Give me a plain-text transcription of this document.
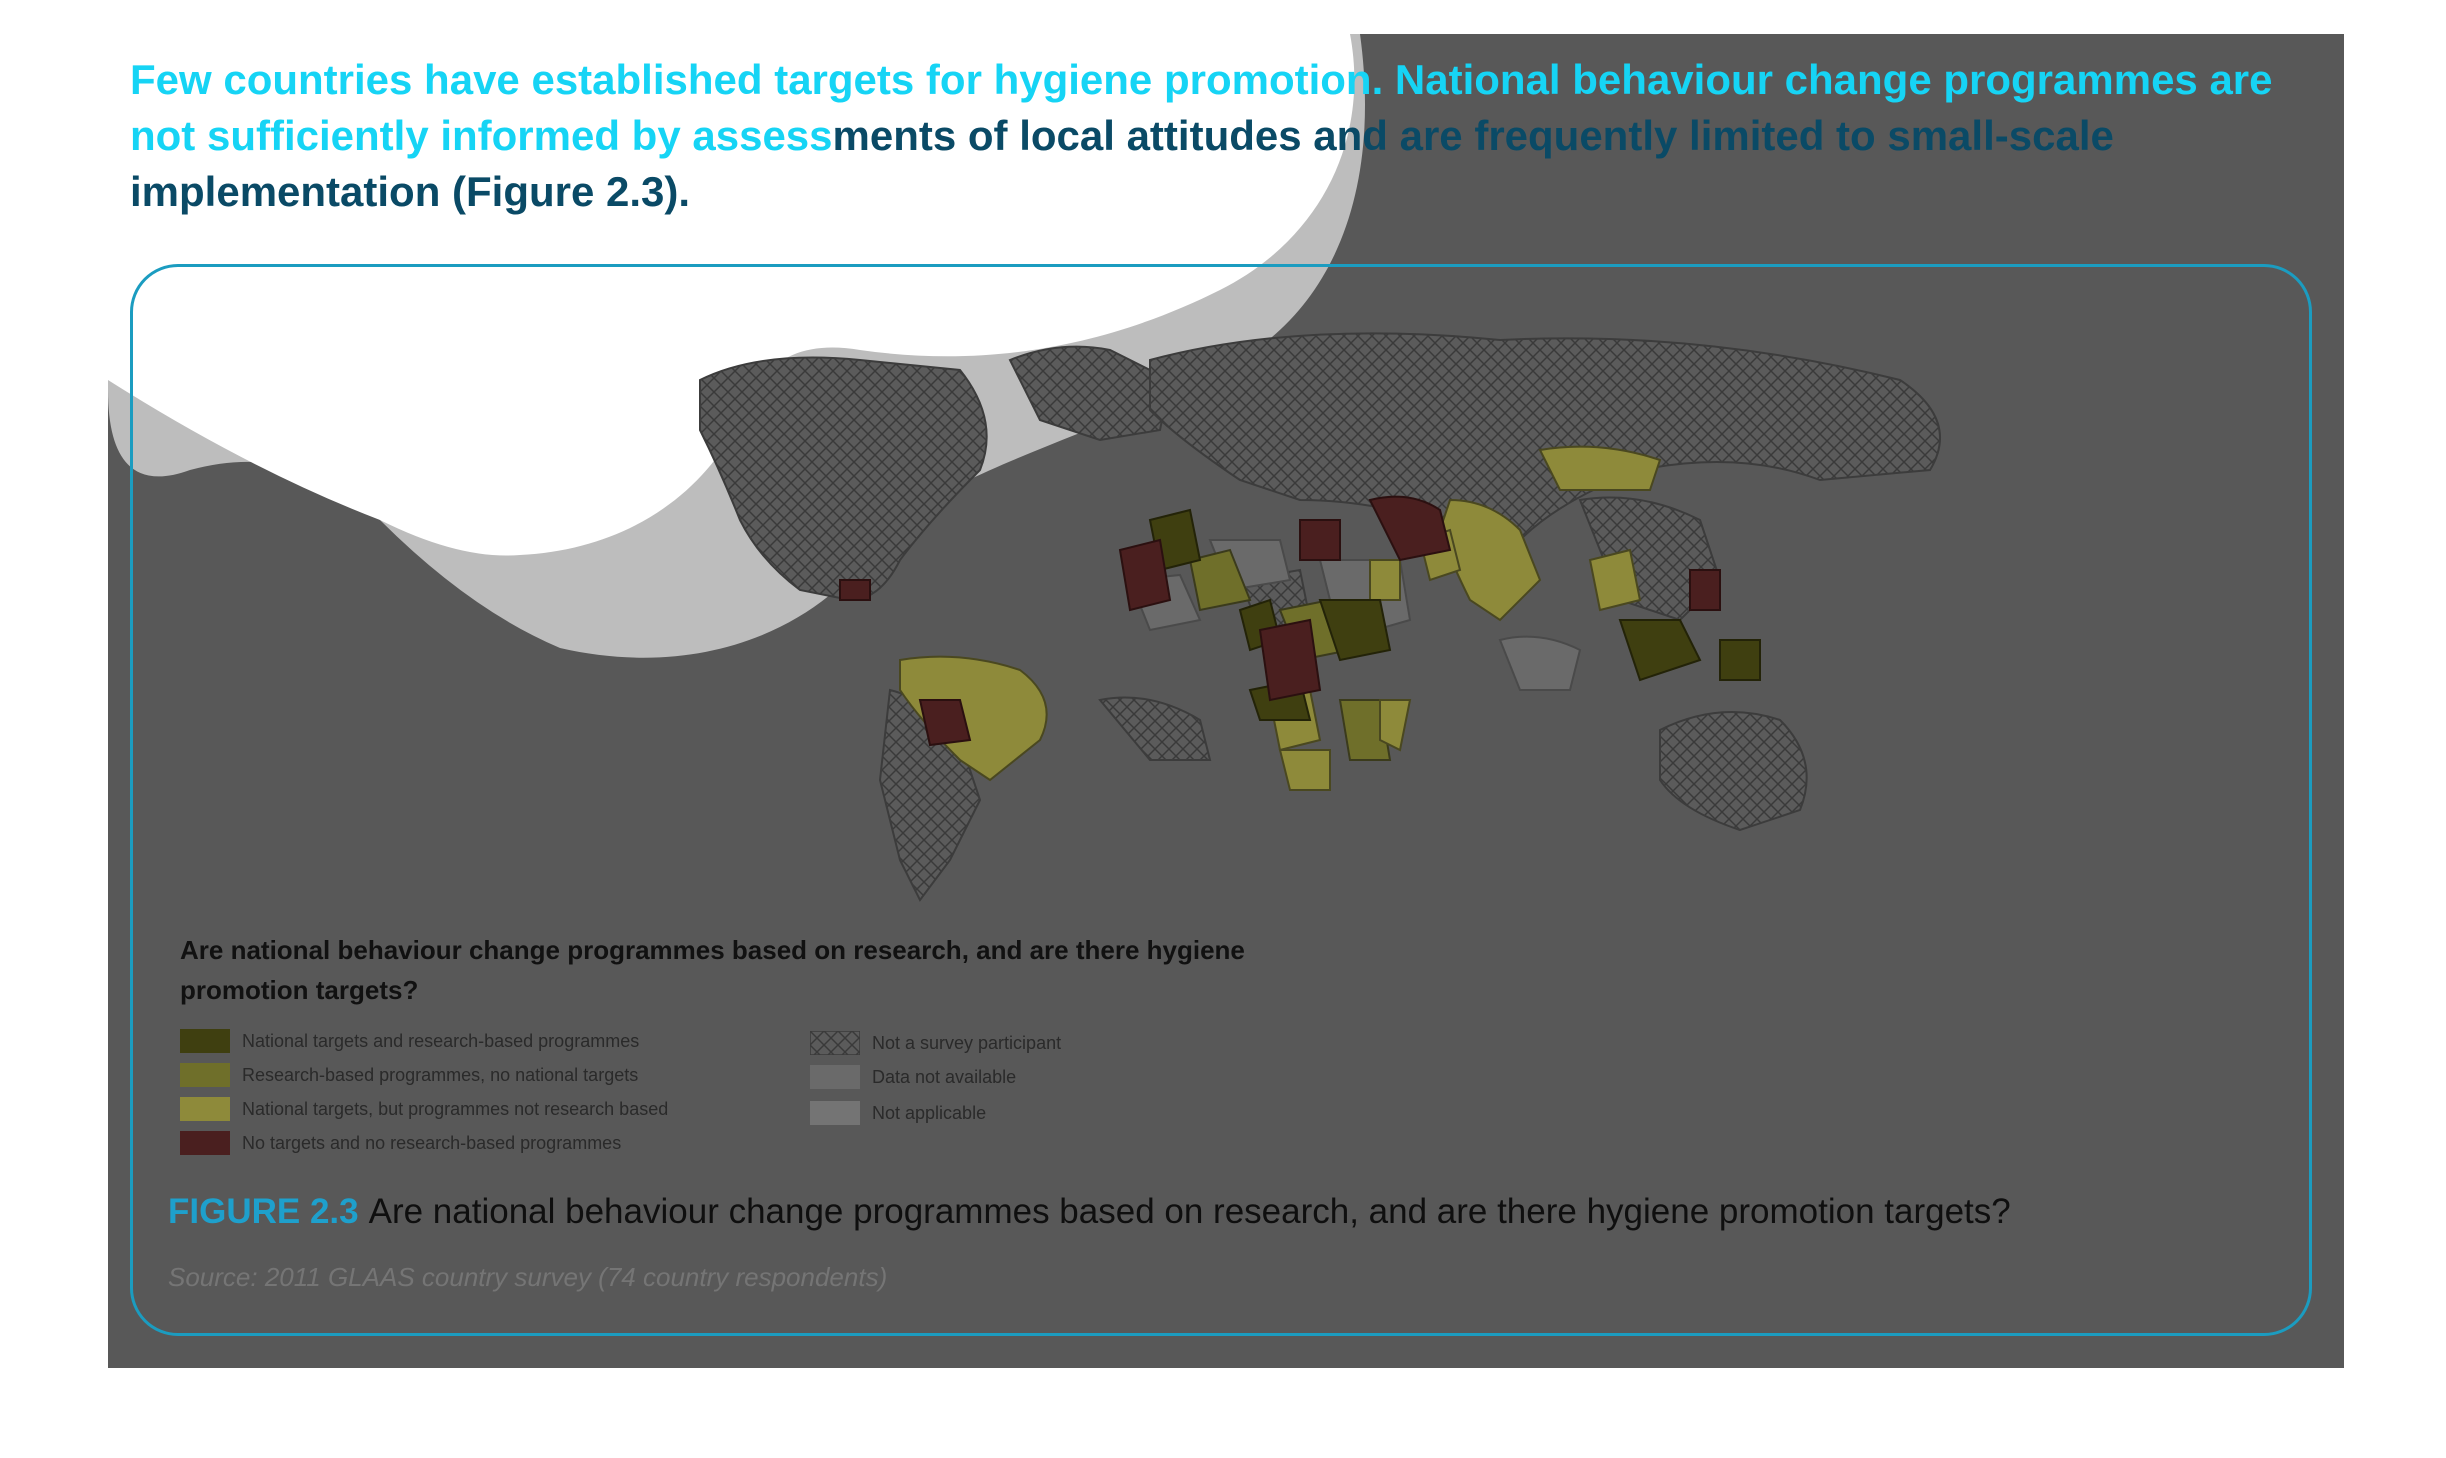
Few countries have established targets for hygiene promotion. National behaviour change programmes are not sufficiently informed by assessments of local attitudes and are frequently limited to small-scale implementation (Figure 2.3).

Are national behaviour change programmes based on research, and are there hygiene promotion targets?

National targets and research-based programmes
Research-based programmes, no national targets
National targets, but programmes not research based
No targets and no research-based programmes
Not a survey participant
Data not available
Not applicable

FIGURE 2.3 Are national behaviour change programmes based on research, and are there hygiene promotion targets?

Source: 2011 GLAAS country survey (74 country respondents)
